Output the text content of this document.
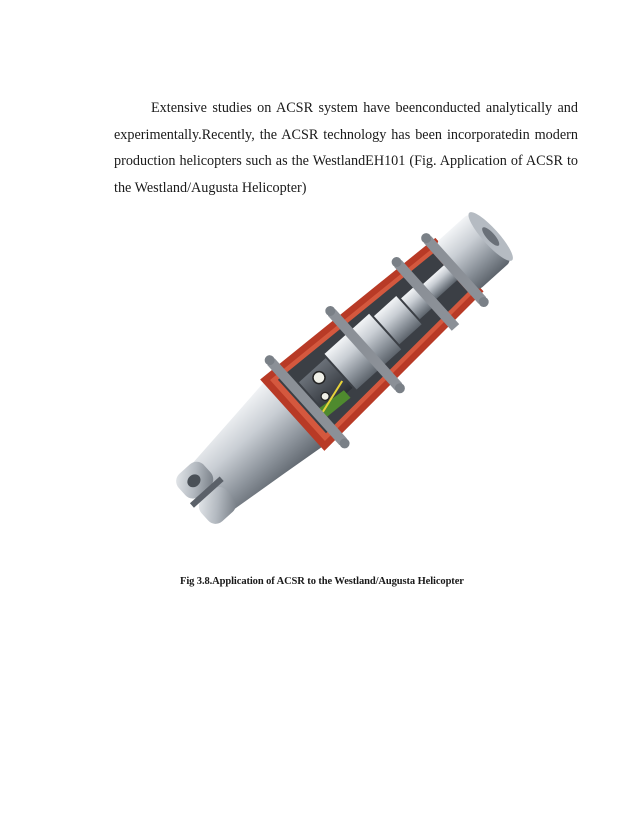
Extensive studies on ACSR system have beenconducted analytically and experimentally.Recently, the ACSR technology has been incorporatedin modern production helicopters such as the WestlandEH101 (Fig. Application of ACSR to the Westland/Augusta Helicopter)

Fig 3.8.Application of ACSR to the Westland/Augusta Helicopter
